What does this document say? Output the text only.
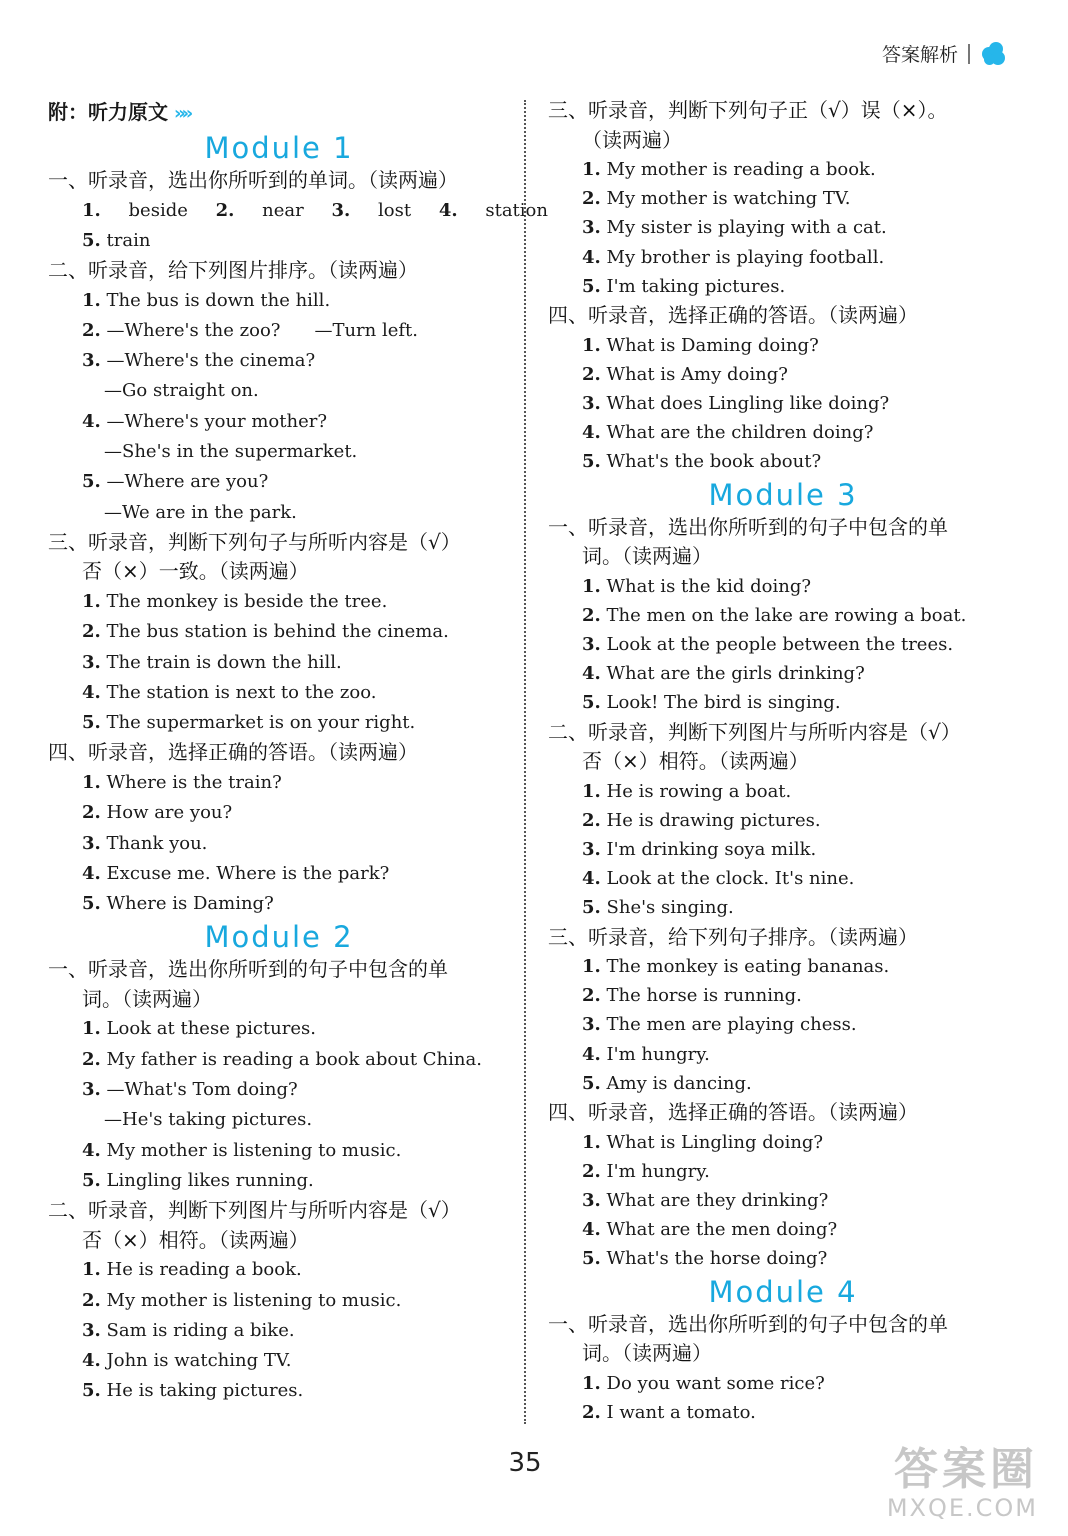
答案解析
附：听力原文 »»
Module 1
一、听录音，选出你所听到的单词。（读两遍）
1. beside 2. near 3. lost 4. station
5. train
二、听录音，给下列图片排序。（读两遍）
1. The bus is down the hill.
2. —Where's the zoo? —Turn left.
3. —Where's the cinema?
—Go straight on.
4. —Where's your mother?
—She's in the supermarket.
5. —Where are you?
—We are in the park.
三、听录音，判断下列句子与所听内容是（√）
否（×）一致。（读两遍）
1. The monkey is beside the tree.
2. The bus station is behind the cinema.
3. The train is down the hill.
4. The station is next to the zoo.
5. The supermarket is on your right.
四、听录音，选择正确的答语。（读两遍）
1. Where is the train?
2. How are you?
3. Thank you.
4. Excuse me. Where is the park?
5. Where is Daming?
Module 2
一、听录音，选出你所听到的句子中包含的单
词。（读两遍）
1. Look at these pictures.
2. My father is reading a book about China.
3. —What's Tom doing?
—He's taking pictures.
4. My mother is listening to music.
5. Lingling likes running.
二、听录音，判断下列图片与所听内容是（√）
否（×）相符。（读两遍）
1. He is reading a book.
2. My mother is listening to music.
3. Sam is riding a bike.
4. John is watching TV.
5. He is taking pictures.
三、听录音，判断下列句子正（√）误（×）。
（读两遍）
1. My mother is reading a book.
2. My mother is watching TV.
3. My sister is playing with a cat.
4. My brother is playing football.
5. I'm taking pictures.
四、听录音，选择正确的答语。（读两遍）
1. What is Daming doing?
2. What is Amy doing?
3. What does Lingling like doing?
4. What are the children doing?
5. What's the book about?
Module 3
一、听录音，选出你所听到的句子中包含的单
词。（读两遍）
1. What is the kid doing?
2. The men on the lake are rowing a boat.
3. Look at the people between the trees.
4. What are the girls drinking?
5. Look! The bird is singing.
二、听录音，判断下列图片与所听内容是（√）
否（×）相符。（读两遍）
1. He is rowing a boat.
2. He is drawing pictures.
3. I'm drinking soya milk.
4. Look at the clock. It's nine.
5. She's singing.
三、听录音，给下列句子排序。（读两遍）
1. The monkey is eating bananas.
2. The horse is running.
3. The men are playing chess.
4. I'm hungry.
5. Amy is dancing.
四、听录音，选择正确的答语。（读两遍）
1. What is Lingling doing?
2. I'm hungry.
3. What are they drinking?
4. What are the men doing?
5. What's the horse doing?
Module 4
一、听录音，选出你所听到的句子中包含的单
词。（读两遍）
1. Do you want some rice?
2. I want a tomato.
35	答案圈
MXQE.COM
